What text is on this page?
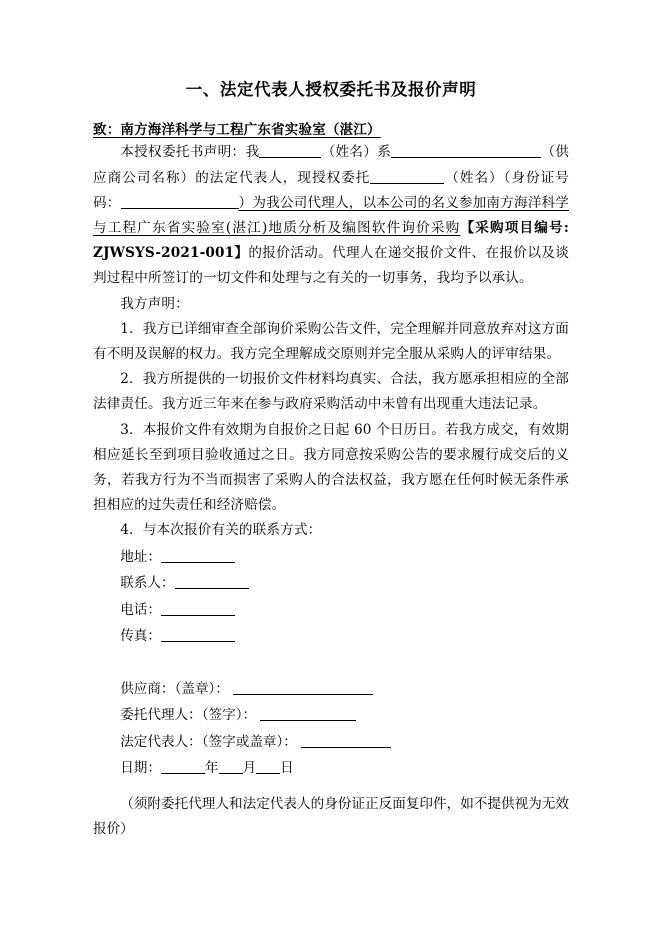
一、法定代表人授权委托书及报价声明
致：南方海洋科学与工程广东省实验室（湛江）

本授权委托书声明：我	（姓名）系	（供应商公司名称）的法定代表人，现授权委托	（姓名）（身份证号码：	）为我公司代理人，以本公司的名义参加南方海洋科学与工程广东省实验室(湛江)地质分析及编图软件询价采购【采购项目编号: ZJWSYS-2021-001】的报价活动。代理人在递交报价文件、在报价以及谈判过程中所签订的一切文件和处理与之有关的一切事务，我均予以承认。

我方声明：

1．我方已详细审查全部询价采购公告文件，完全理解并同意放弃对这方面有不明及误解的权力。我方完全理解成交原则并完全服从采购人的评审结果。

2．我方所提供的一切报价文件材料均真实、合法，我方愿承担相应的全部法律责任。我方近三年来在参与政府采购活动中未曾有出现重大违法记录。

3．本报价文件有效期为自报价之日起 60 个日历日。若我方成交，有效期相应延长至到项目验收通过之日。我方同意按采购公告的要求履行成交后的义务，若我方行为不当而损害了采购人的合法权益，我方愿在任何时候无条件承担相应的过失责任和经济赔偿。

4．与本次报价有关的联系方式：

地址：
联系人：
电话：
传真：
供应商：（盖章）：
委托代理人：（签字）：
法定代表人：（签字或盖章）：
日期：	年 月 日

（须附委托代理人和法定代表人的身份证正反面复印件，如不提供视为无效报价）
